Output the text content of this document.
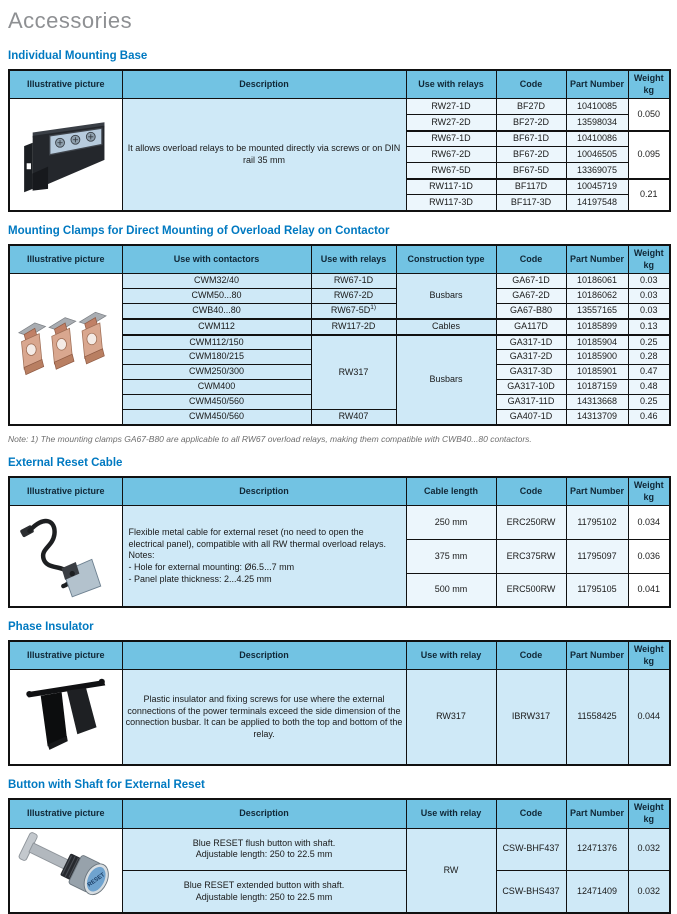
Accessories
Individual Mounting Base
Illustrative picture	Description	Use with relays	Code	Part Number	Weight kg
	It allows overload relays to be mounted directly via screws or on DIN rail 35 mm	RW27-1D	BF27D	10410085	0.050
		RW27-2D	BF27-2D	13598034	
		RW67-1D	BF67-1D	10410086	0.095
		RW67-2D	BF67-2D	10046505	
		RW67-5D	BF67-5D	13369075	
		RW117-1D	BF117D	10045719	0.21
		RW117-3D	BF117-3D	14197548	
Mounting Clamps for Direct Mounting of Overload Relay on Contactor
Illustrative picture	Use with contactors	Use with relays	Construction type	Code	Part Number	Weight kg
	CWM32/40	RW67-1D	Busbars	GA67-1D	10186061	0.03
	CWM50...80	RW67-2D		GA67-2D	10186062	0.03
	CWB40...80	$RW67-5D^{1)}$		GA67-B80	13557165	0.03
	CWM112	RW117-2D	Cables	GA117D	10185899	0.13
	CWM112/150	RW317	Busbars	GA317-1D	10185904	0.25
	CWM180/215			GA317-2D	10185900	0.28
	CWM250/300			GA317-3D	10185901	0.47
	CWM400			GA317-10D	10187159	0.48
	CWM450/560			GA317-11D	14313668	0.25
	CWM450/560	RW407		GA407-1D	14313709	0.46

Note: 1) The mounting clamps GA67-B80 are applicable to all RW67 overload relays, making them compatible with CWB40...80 contactors.

External Reset Cable
Illustrative picture	Description	Cable length	Code	Part Number	Weight kg

Flexible metal cable for external reset (no need to open the electrical panel), compatible with all RW thermal overload relays.
Notes:
- Hole for external mounting: Ø6.5...7 mm
- Panel plate thickness: 2...4.25 mm	250 mm	ERC250RW	11795102	0.034
		375 mm	ERC375RW	11795097	0.036
		500 mm	ERC500RW	11795105	0.041
Phase Insulator
Illustrative picture	Description	Use with relay	Code	Part Number	Weight kg
	Plastic insulator and fixing screws for use where the external connections of the power terminals exceed the side dimension of the connection busbar. It can be applied to both the top and bottom of the relay.	RW317	IBRW317	11558425	0.044
Button with Shaft for External Reset
Illustrative picture	Description	Use with relay	Code	Part Number	Weight kg

RESET	Blue RESET flush button with shaft.
Adjustable length: 250 to 22.5 mm	RW	CSW-BHF437	12471376	0.032

	Blue RESET extended button with shaft.
Adjustable length: 250 to 22.5 mm		CSW-BHS437	12471409	0.032
